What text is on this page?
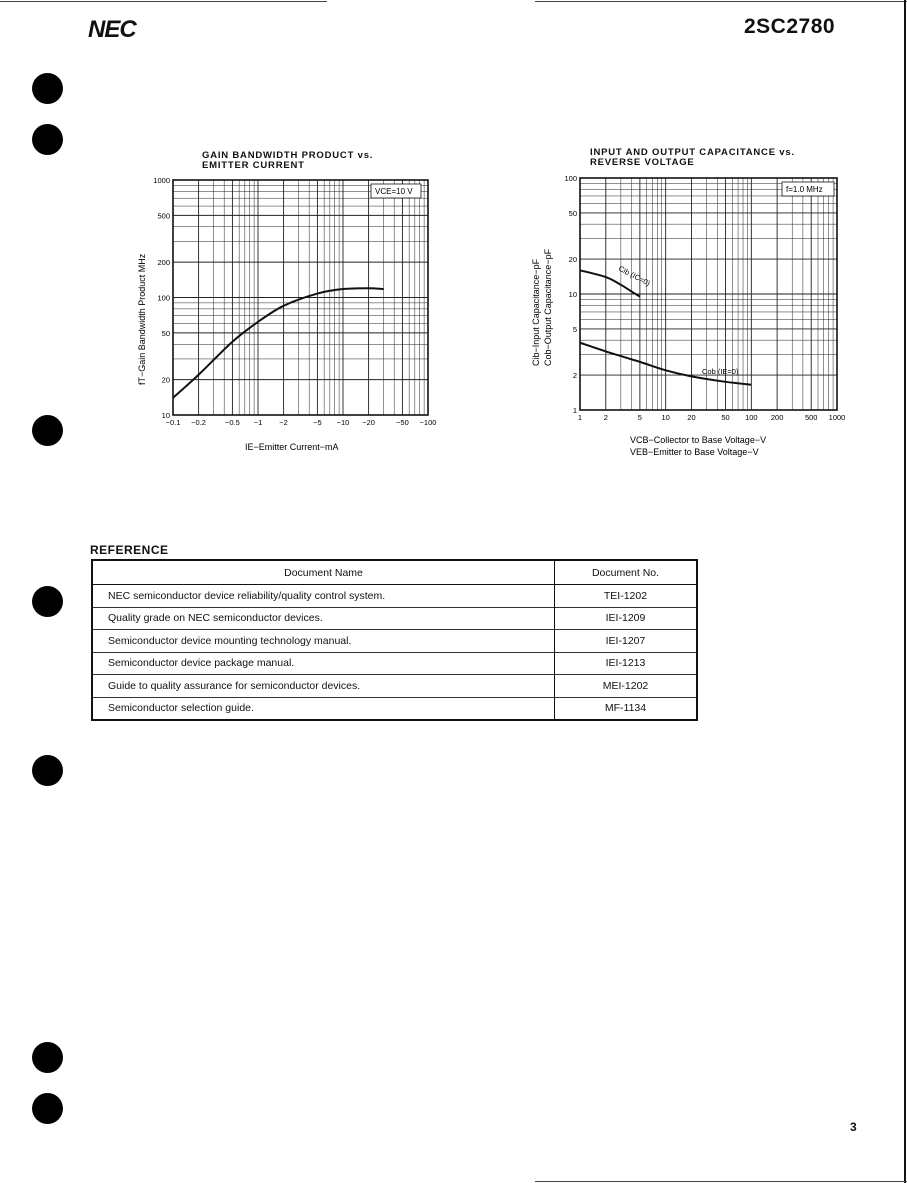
NEC	2SC2780
GAIN BANDWIDTH PRODUCT vs.
EMITTER CURRENT
INPUT AND OUTPUT CAPACITANCE vs.
REVERSE VOLTAGE
10
20
50
100
200
500
1000
−0.1 −0.2	−0.5 −1 −2	−5 −10 −20	−50 −100
VCE=10 V
IE−Emitter Current−mA
fT−Gain Bandwidth Product MHz
1
2
5
10
20
50
100
1	2	5	10 20	50 100 200	500 1000
Cib (IC=0)
Cob (IE=0)
f=1.0 MHz
VCB−Collector to Base Voltage−V
VEB−Emitter to Base Voltage−V
Cib−Input Capacitance−pF Cob−Output Capacitance−pF
REFERENCE
Document Name	Document No.
NEC semiconductor device reliability/quality control system.	TEI-1202
Quality grade on NEC semiconductor devices.	IEI-1209
Semiconductor device mounting technology manual.	IEI-1207
Semiconductor device package manual.	IEI-1213
Guide to quality assurance for semiconductor devices.	MEI-1202
Semiconductor selection guide.	MF-1134
3
